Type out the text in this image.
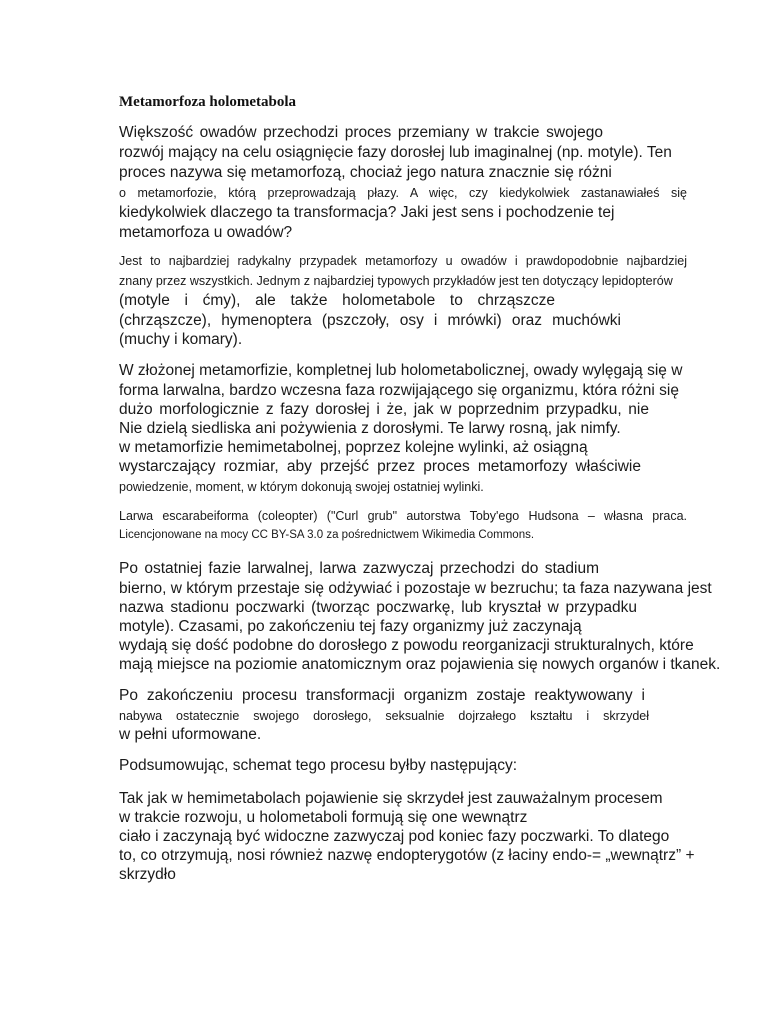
Metamorfoza holometabola
Większość owadów przechodzi proces przemiany w trakcie swojego
rozwój mający na celu osiągnięcie fazy dorosłej lub imaginalnej (np. motyle). Ten
proces nazywa się metamorfozą, chociaż jego natura znacznie się różni
o metamorfozie, którą przeprowadzają płazy. A więc, czy kiedykolwiek zastanawiałeś się
kiedykolwiek dlaczego ta transformacja? Jaki jest sens i pochodzenie tej
metamorfoza u owadów?
Jest to najbardziej radykalny przypadek metamorfozy u owadów i prawdopodobnie najbardziej
znany przez wszystkich. Jednym z najbardziej typowych przykładów jest ten dotyczący lepidopterów
(motyle i ćmy), ale także holometabole to chrząszcze
(chrząszcze), hymenoptera (pszczoły, osy i mrówki) oraz muchówki
(muchy i komary).
W złożonej metamorfizie, kompletnej lub holometabolicznej, owady wylęgają się w
forma larwalna, bardzo wczesna faza rozwijającego się organizmu, która różni się
dużo morfologicznie z fazy dorosłej i że, jak w poprzednim przypadku, nie
Nie dzielą siedliska ani pożywienia z dorosłymi. Te larwy rosną, jak nimfy.
w metamorfizie hemimetabolnej, poprzez kolejne wylinki, aż osiągną
wystarczający rozmiar, aby przejść przez proces metamorfozy właściwie
powiedzenie, moment, w którym dokonują swojej ostatniej wylinki.
Larwa escarabeiforma (coleopter) ("Curl grub" autorstwa Toby'ego Hudsona – własna praca.
Licencjonowane na mocy CC BY-SA 3.0 za pośrednictwem Wikimedia Commons.
Po ostatniej fazie larwalnej, larwa zazwyczaj przechodzi do stadium
bierno, w którym przestaje się odżywiać i pozostaje w bezruchu; ta faza nazywana jest
nazwa stadionu poczwarki (tworząc poczwarkę, lub kryształ w przypadku
motyle). Czasami, po zakończeniu tej fazy organizmy już zaczynają
wydają się dość podobne do dorosłego z powodu reorganizacji strukturalnych, które
mają miejsce na poziomie anatomicznym oraz pojawienia się nowych organów i tkanek.
Po zakończeniu procesu transformacji organizm zostaje reaktywowany i
nabywa ostatecznie swojego dorosłego, seksualnie dojrzałego kształtu i skrzydeł
w pełni uformowane.
Podsumowując, schemat tego procesu byłby następujący:
Tak jak w hemimetabolach pojawienie się skrzydeł jest zauważalnym procesem
w trakcie rozwoju, u holometaboli formują się one wewnątrz
ciało i zaczynają być widoczne zazwyczaj pod koniec fazy poczwarki. To dlatego
to, co otrzymują, nosi również nazwę endopterygotów (z łaciny endo-= „wewnątrz” +
skrzydło
